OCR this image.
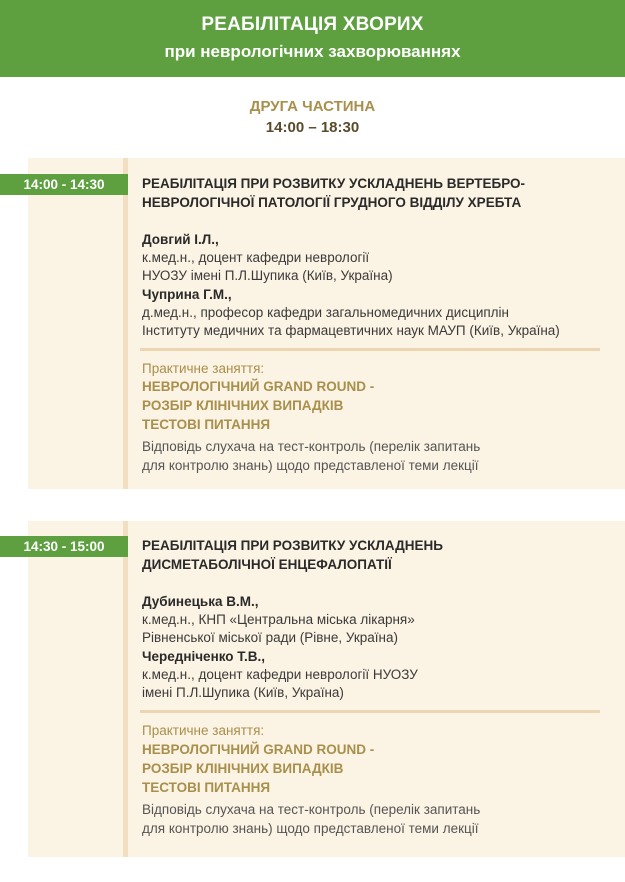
РЕАБІЛІТАЦІЯ ХВОРИХ
при неврологічних захворюваннях
ДРУГА ЧАСТИНА
14:00 – 18:30
14:00 - 14:30	РЕАБІЛІТАЦІЯ ПРИ РОЗВИТКУ УСКЛАДНЕНЬ ВЕРТЕБРО-
НЕВРОЛОГІЧНОЇ ПАТОЛОГІЇ ГРУДНОГО ВІДДІЛУ ХРЕБТА
Довгий І.Л.,
к.мед.н., доцент кафедри неврології
НУОЗУ імені П.Л.Шупика (Київ, Україна)
Чуприна Г.М.,
д.мед.н., професор кафедри загальномедичних дисциплін
Інституту медичних та фармацевтичних наук МАУП (Київ, Україна)
Практичне заняття:
НЕВРОЛОГІЧНИЙ GRAND ROUND -
РОЗБІР КЛІНІЧНИХ ВИПАДКІВ
ТЕСТОВІ ПИТАННЯ
Відповідь слухача на тест-контроль (перелік запитань
для контролю знань) щодо представленої теми лекції
14:30 - 15:00	РЕАБІЛІТАЦІЯ ПРИ РОЗВИТКУ УСКЛАДНЕНЬ
ДИСМЕТАБОЛІЧНОЇ ЕНЦЕФАЛОПАТІЇ
Дубинецька В.М.,
к.мед.н., КНП «Центральна міська лікарня»
Рівненської міської ради (Рівне, Україна)
Чередніченко Т.В.,
к.мед.н., доцент кафедри неврології НУОЗУ
імені П.Л.Шупика (Київ, Україна)
Практичне заняття:
НЕВРОЛОГІЧНИЙ GRAND ROUND -
РОЗБІР КЛІНІЧНИХ ВИПАДКІВ
ТЕСТОВІ ПИТАННЯ
Відповідь слухача на тест-контроль (перелік запитань
для контролю знань) щодо представленої теми лекції
